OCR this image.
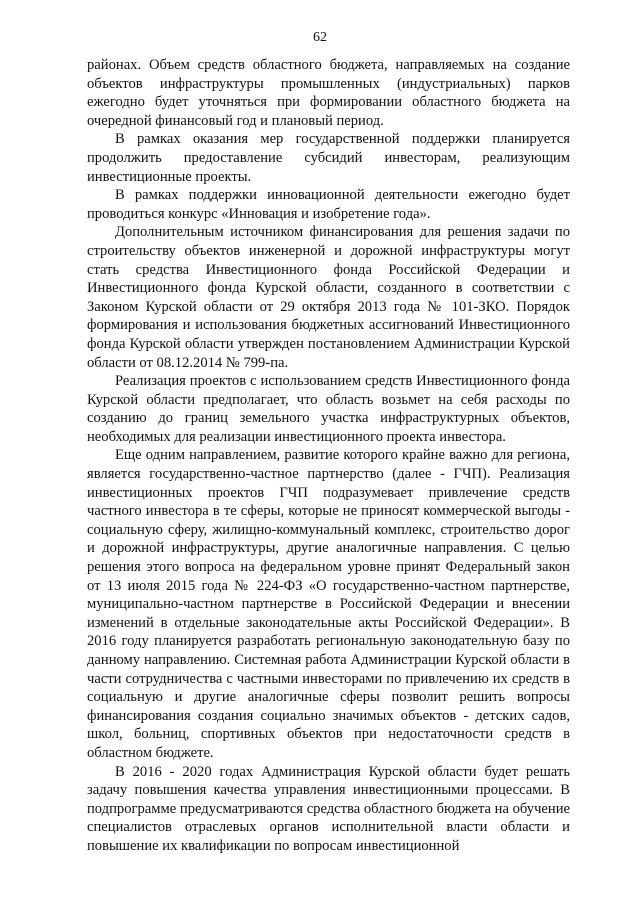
62

районах. Объем средств областного бюджета, направляемых на создание объектов инфраструктуры промышленных (индустриальных) парков ежегодно будет уточняться при формировании областного бюджета на очередной финансовый год и плановый период.

В рамках оказания мер государственной поддержки планируется продолжить предоставление субсидий инвесторам, реализующим инвестиционные проекты.

В рамках поддержки инновационной деятельности ежегодно будет проводиться конкурс «Инновация и изобретение года».

Дополнительным источником финансирования для решения задачи по строительству объектов инженерной и дорожной инфраструктуры могут стать средства Инвестиционного фонда Российской Федерации и Инвестиционного фонда Курской области, созданного в соответствии с Законом Курской области от 29 октября 2013 года № 101-ЗКО. Порядок формирования и использования бюджетных ассигнований Инвестиционного фонда Курской области утвержден постановлением Администрации Курской области от 08.12.2014 № 799-па.

Реализация проектов с использованием средств Инвестиционного фонда Курской области предполагает, что область возьмет на себя расходы по созданию до границ земельного участка инфраструктурных объектов, необходимых для реализации инвестиционного проекта инвестора.

Еще одним направлением, развитие которого крайне важно для региона, является государственно-частное партнерство (далее - ГЧП). Реализация инвестиционных проектов ГЧП подразумевает привлечение средств частного инвестора в те сферы, которые не приносят коммерческой выгоды - социальную сферу, жилищно-коммунальный комплекс, строительство дорог и дорожной инфраструктуры, другие аналогичные направления. С целью решения этого вопроса на федеральном уровне принят Федеральный закон от 13 июля 2015 года № 224-ФЗ «О государственно-частном партнерстве, муниципально-частном партнерстве в Российской Федерации и внесении изменений в отдельные законодательные акты Российской Федерации». В 2016 году планируется разработать региональную законодательную базу по данному направлению. Системная работа Администрации Курской области в части сотрудничества с частными инвесторами по привлечению их средств в социальную и другие аналогичные сферы позволит решить вопросы финансирования создания социально значимых объектов - детских садов, школ, больниц, спортивных объектов при недостаточности средств в областном бюджете.

В 2016 - 2020 годах Администрация Курской области будет решать задачу повышения качества управления инвестиционными процессами. В подпрограмме предусматриваются средства областного бюджета на обучение специалистов отраслевых органов исполнительной власти области и повышение их квалификации по вопросам инвестиционной
